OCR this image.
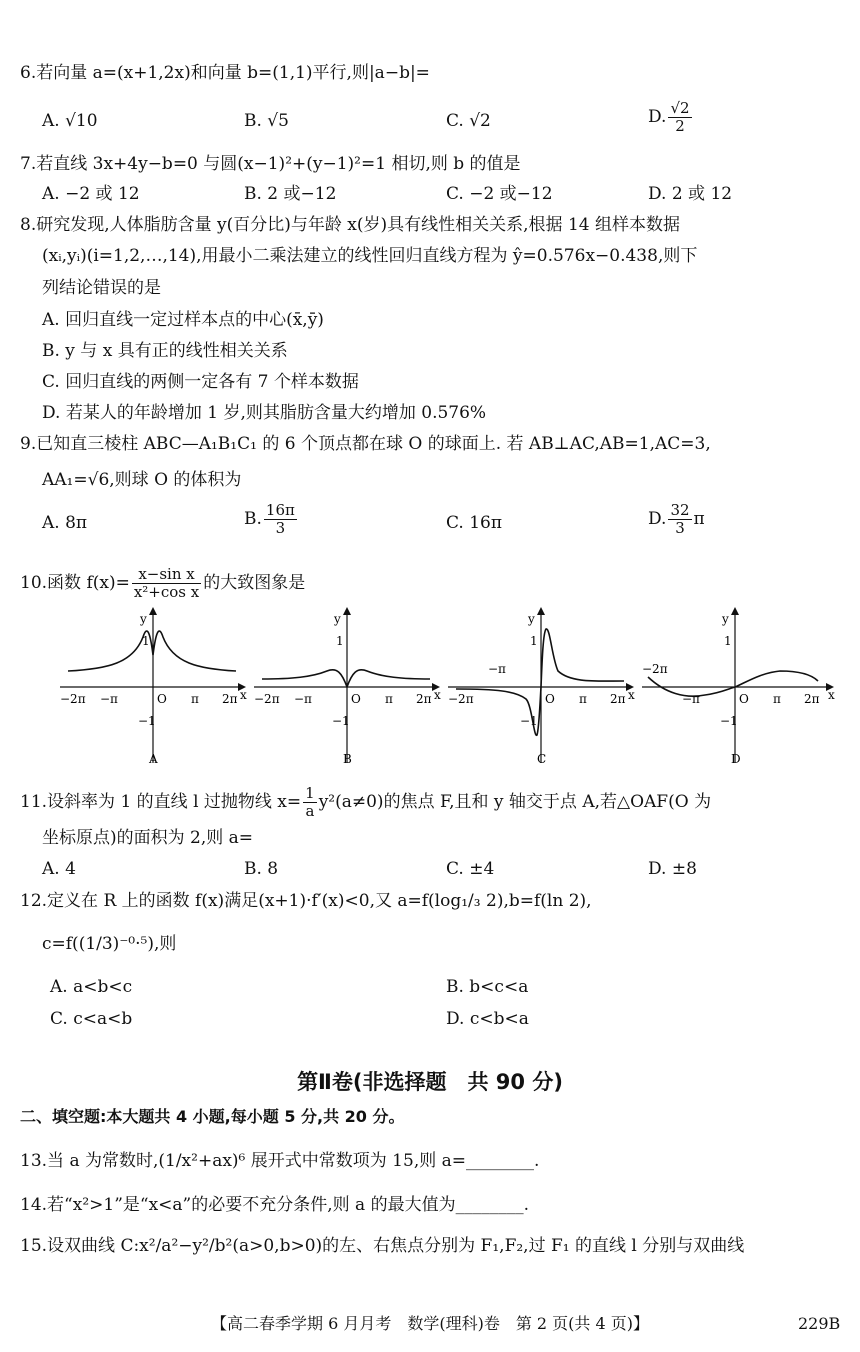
6.若向量 a=(x+1,2x)和向量 b=(1,1)平行,则|a−b|=
A. √10	B. √5	C. √2	D. $\frac{√2}{2}$
7.若直线 3x+4y−b=0 与圆(x−1)²+(y−1)²=1 相切,则 b 的值是
A. −2 或 12	B. 2 或−12	C. −2 或−12	D. 2 或 12
8.研究发现,人体脂肪含量 y(百分比)与年龄 x(岁)具有线性相关关系,根据 14 组样本数据
(xᵢ,yᵢ)(i=1,2,…,14),用最小二乘法建立的线性回归直线方程为 ŷ=0.576x−0.438,则下
列结论错误的是
A. 回归直线一定过样本点的中心(x̄,ȳ)
B. y 与 x 具有正的线性相关关系
C. 回归直线的两侧一定各有 7 个样本数据
D. 若某人的年龄增加 1 岁,则其脂肪含量大约增加 0.576%
9.已知直三棱柱 ABC—A₁B₁C₁ 的 6 个顶点都在球 O 的球面上. 若 AB⊥AC,AB=1,AC=3,
AA₁=√6,则球 O 的体积为
A. 8π	B. $\frac{16\pi}{3}$	C. 16π	D. $\frac{32}{3}$ π
10.函数 $f(x)= \frac{\text{x−sin x}}{\text{x²+cos x}}$ 的大致图象是
−2π −π	O π 2π x
y
1
−1
A
−2π −π	O π 2π x
y
1
−1
B
−2π
−π
O π 2π x
y
1
−1
C
−2π
−π	O π 2π x
y
1
−1
D
11.设斜率为 1 的直线 l 过抛物线 $x= \frac{1}{a} y^2(a\ne 0)$的焦点 F,且和 y 轴交于点 A,若△OAF(O 为
坐标原点)的面积为 2,则 a=
A. 4	B. 8	C. ±4	D. ±8
12.定义在 R 上的函数 f(x)满足(x+1)·f′(x)<0,又 a=f(log₁/₃ 2),b=f(ln 2),
c=f((1/3)⁻⁰·⁵),则
A. a<b<c	B. b<c<a
C. c<a<b	D. c<b<a
第Ⅱ卷(非选择题　共 90 分)
二、填空题:本大题共 4 小题,每小题 5 分,共 20 分。
13.当 a 为常数时,(1/x²+ax)⁶ 展开式中常数项为 15,则 a=________.
14.若“x²>1”是“x<a”的必要不充分条件,则 a 的最大值为________.
15.设双曲线 C:x²/a²−y²/b²(a>0,b>0)的左、右焦点分别为 F₁,F₂,过 F₁ 的直线 l 分别与双曲线
【高二春季学期 6 月月考　数学(理科)卷　第 2 页(共 4 页)】	229B
